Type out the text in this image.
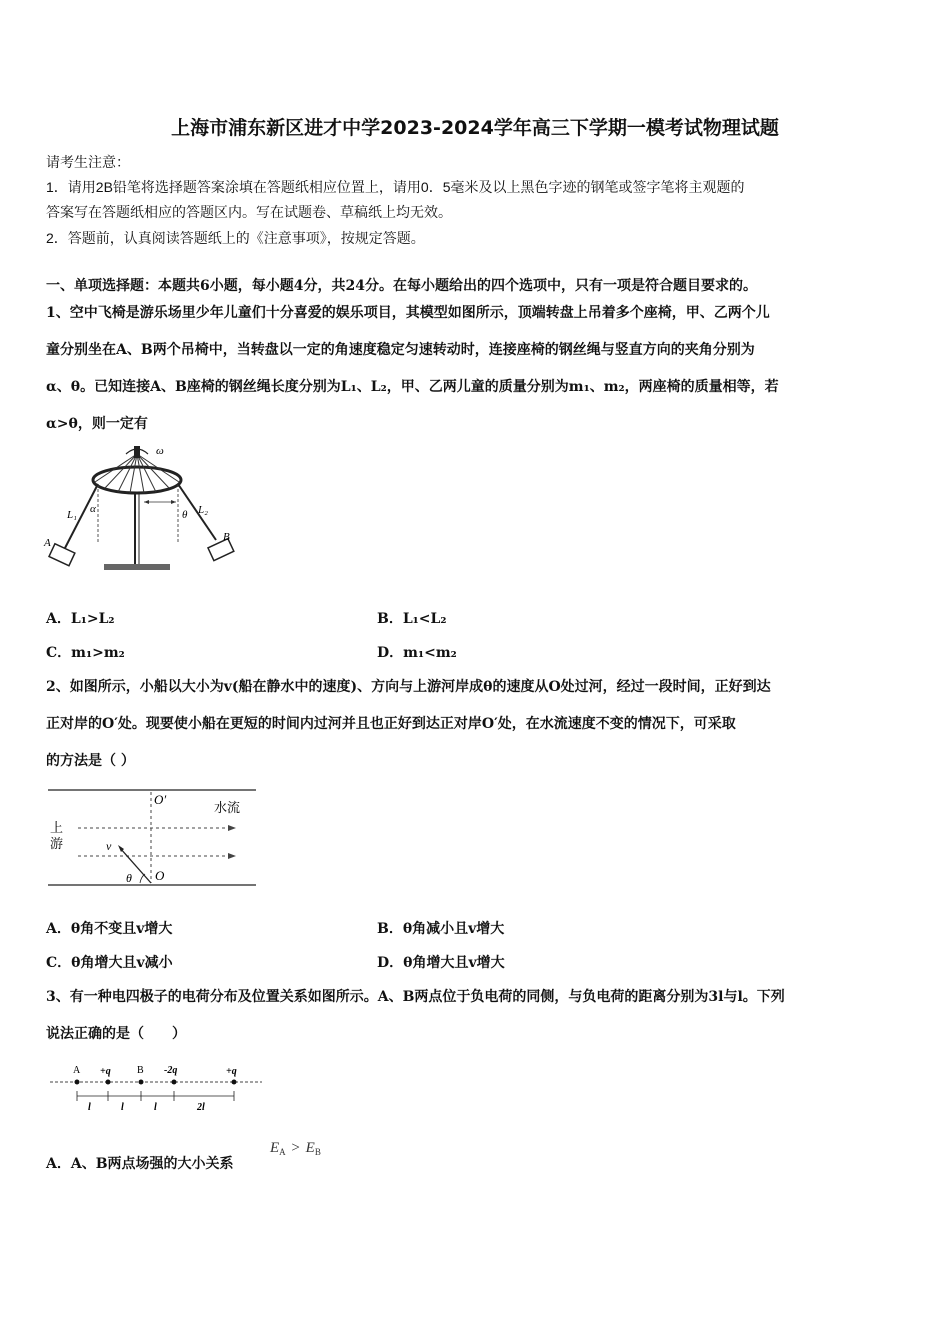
上海市浦东新区进才中学2023-2024学年高三下学期一模考试物理试题
请考生注意：
1．请用2B铅笔将选择题答案涂填在答题纸相应位置上，请用0．5毫米及以上黑色字迹的钢笔或签字笔将主观题的
答案写在答题纸相应的答题区内。写在试题卷、草稿纸上均无效。
2．答题前，认真阅读答题纸上的《注意事项》，按规定答题。
一、单项选择题：本题共6小题，每小题4分，共24分。在每小题给出的四个选项中，只有一项是符合题目要求的。
1、空中飞椅是游乐场里少年儿童们十分喜爱的娱乐项目，其模型如图所示，顶端转盘上吊着多个座椅，甲、乙两个儿
童分别坐在A、B两个吊椅中，当转盘以一定的角速度稳定匀速转动时，连接座椅的钢丝绳与竖直方向的夹角分别为
α、θ。已知连接A、B座椅的钢丝绳长度分别为L₁、L₂，甲、乙两儿童的质量分别为m₁、m₂，两座椅的质量相等，若
α>θ，则一定有
ω
L₁ α	θ L₂
A	B
A．L₁>L₂	B．L₁<L₂
C．m₁>m₂	D．m₁<m₂
2、如图所示，小船以大小为v(船在静水中的速度)、方向与上游河岸成θ的速度从O处过河，经过一段时间，正好到达
正对岸的O′处。现要使小船在更短的时间内过河并且也正好到达正对岸O′处，在水流速度不变的情况下，可采取
的方法是（ ）
O′
水流
上
游	v
θ O
A．θ角不变且v增大	B．θ角减小且v增大
C．θ角增大且v减小	D．θ角增大且v增大
3、有一种电四极子的电荷分布及位置关系如图所示。A、B两点位于负电荷的同侧，与负电荷的距离分别为3l与l。下列
说法正确的是（　　）
A +q	B -2q	+q
l	l	l	2l
A．A、B两点场强的大小关系
$E_A > E_B$
